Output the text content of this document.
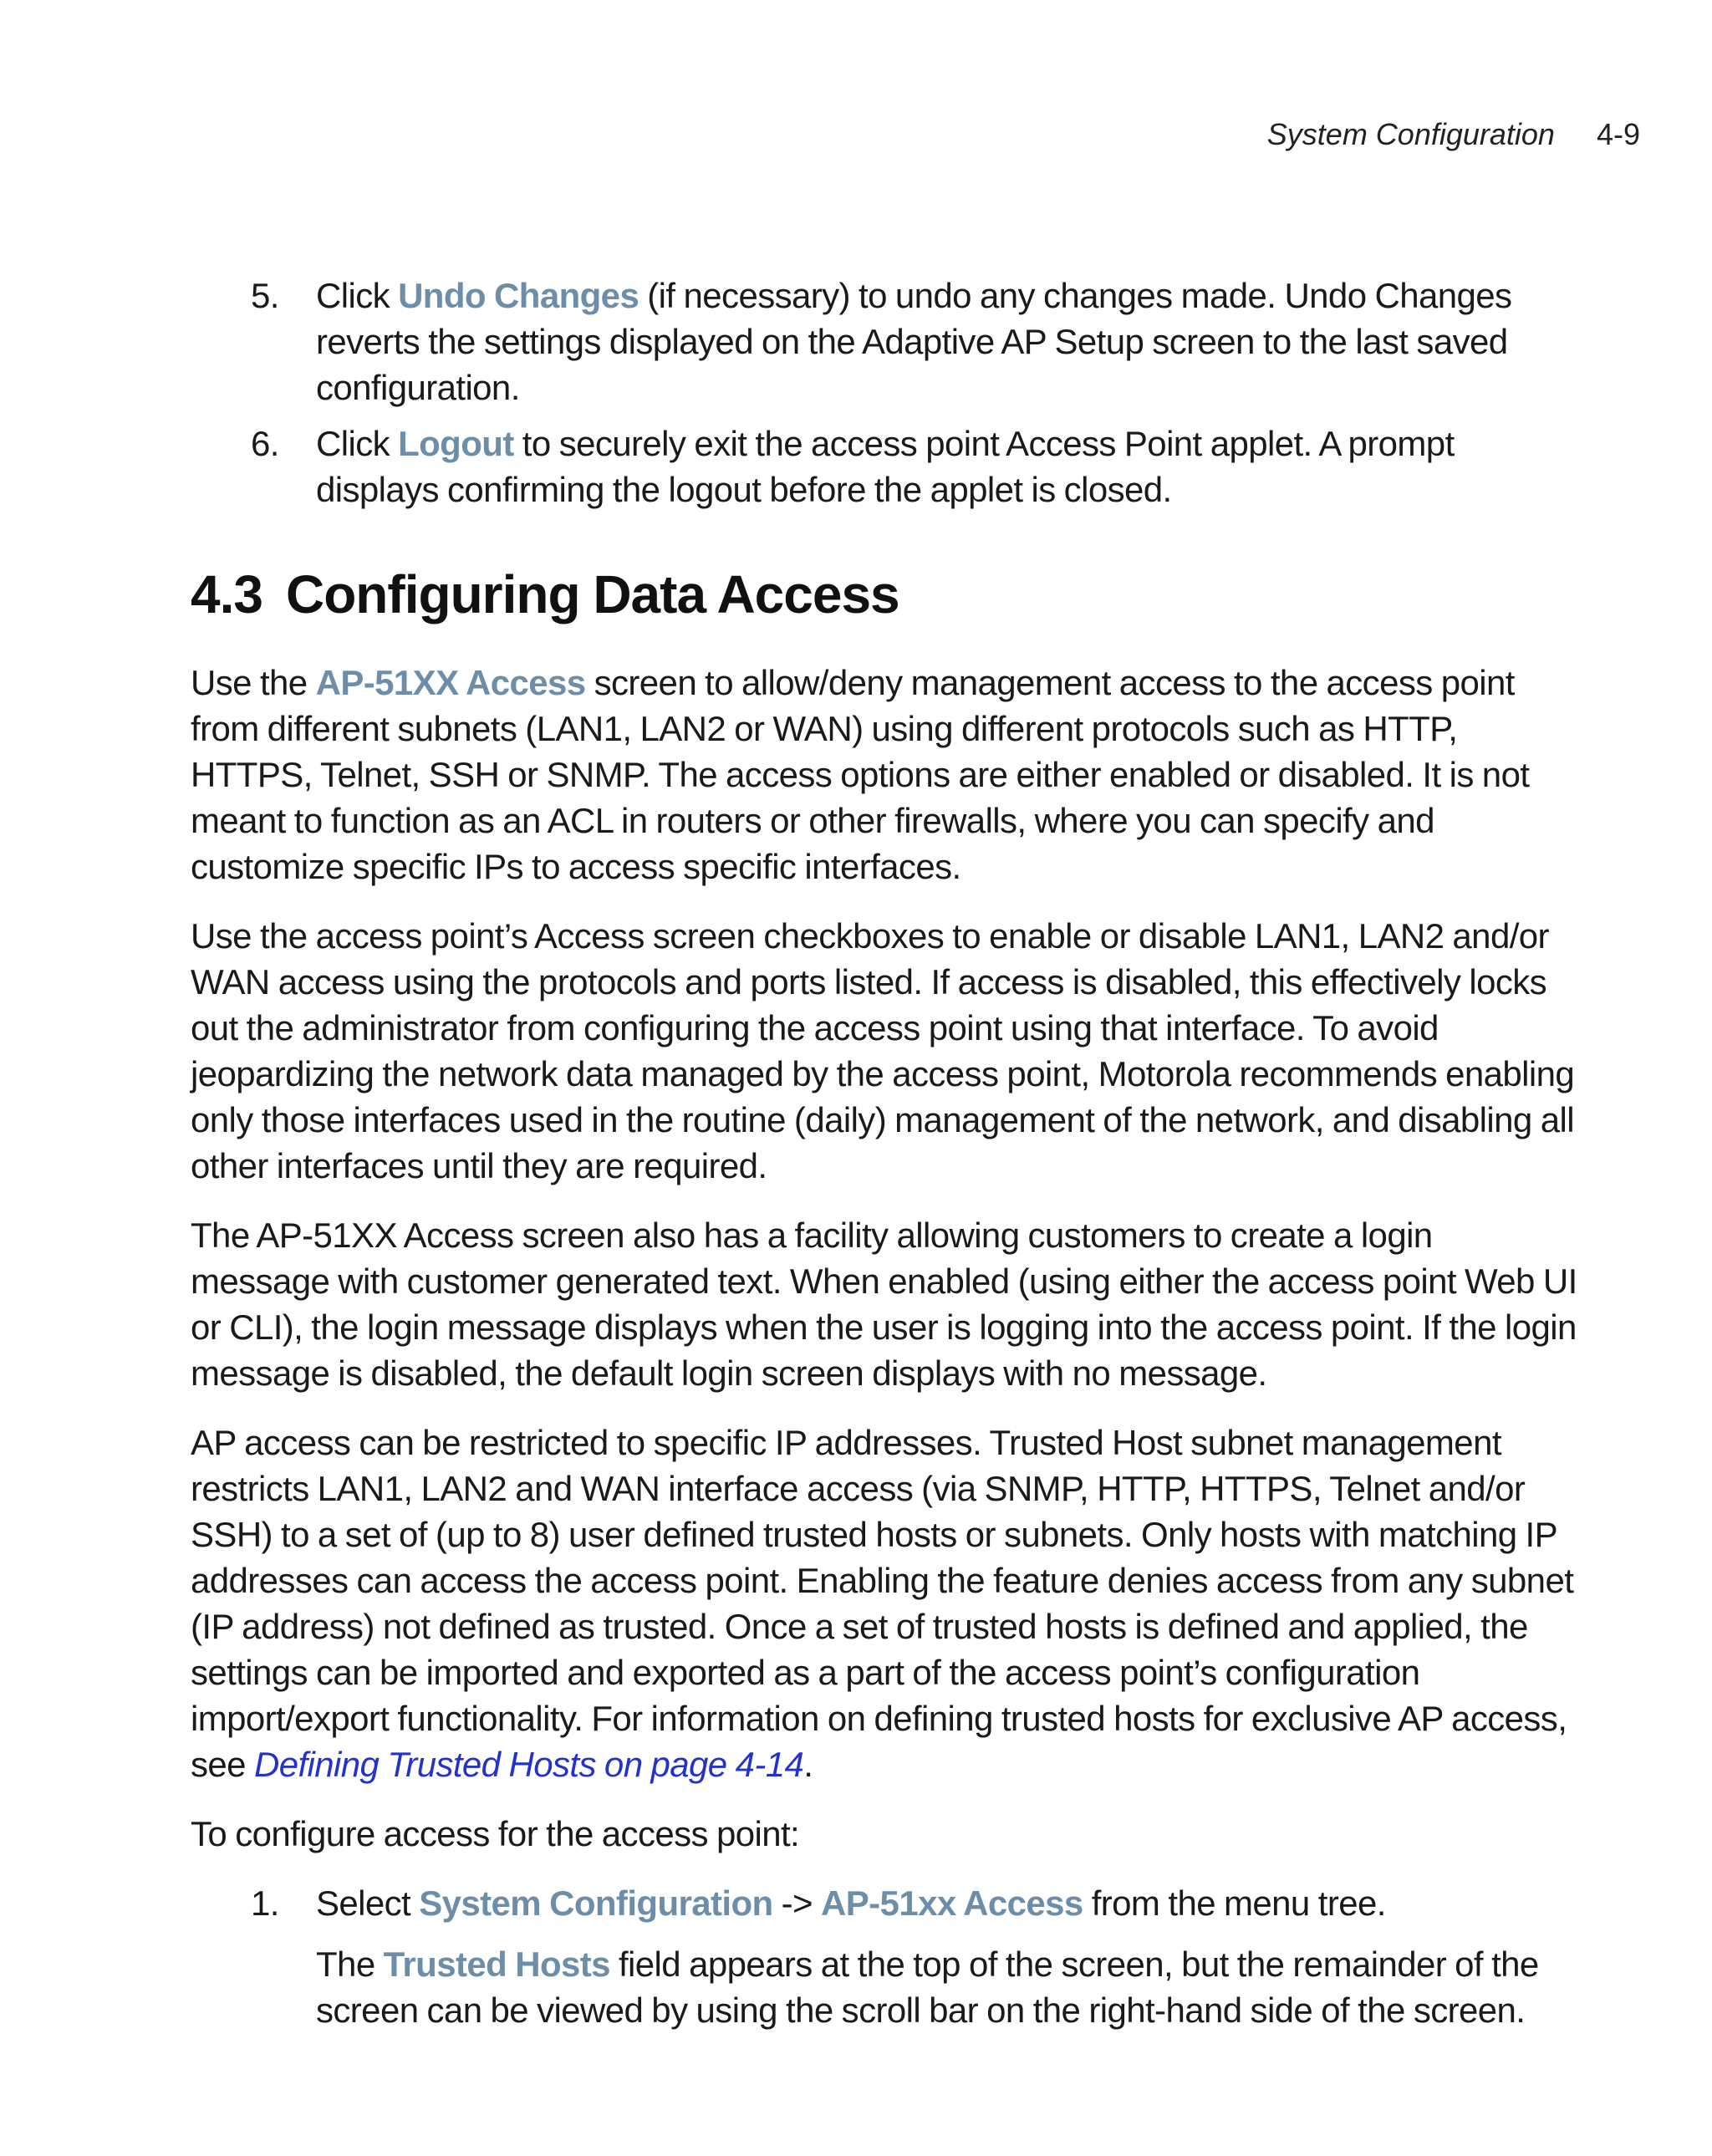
System Configuration 4-9
5. Click Undo Changes (if necessary) to undo any changes made. Undo Changes reverts the settings displayed on the Adaptive AP Setup screen to the last saved configuration.
6. Click Logout to securely exit the access point Access Point applet. A prompt displays confirming the logout before the applet is closed.
4.3 Configuring Data Access

Use the AP-51XX Access screen to allow/deny management access to the access point from different subnets (LAN1, LAN2 or WAN) using different protocols such as HTTP, HTTPS, Telnet, SSH or SNMP. The access options are either enabled or disabled. It is not meant to function as an ACL in routers or other firewalls, where you can specify and customize specific IPs to access specific interfaces.

Use the access point’s Access screen checkboxes to enable or disable LAN1, LAN2 and/or WAN access using the protocols and ports listed. If access is disabled, this effectively locks out the administrator from configuring the access point using that interface. To avoid jeopardizing the network data managed by the access point, Motorola recommends enabling only those interfaces used in the routine (daily) management of the network, and disabling all other interfaces until they are required.

The AP-51XX Access screen also has a facility allowing customers to create a login message with customer generated text. When enabled (using either the access point Web UI or CLI), the login message displays when the user is logging into the access point. If the login message is disabled, the default login screen displays with no message.

AP access can be restricted to specific IP addresses. Trusted Host subnet management restricts LAN1, LAN2 and WAN interface access (via SNMP, HTTP, HTTPS, Telnet and/or SSH) to a set of (up to 8) user defined trusted hosts or subnets. Only hosts with matching IP addresses can access the access point. Enabling the feature denies access from any subnet (IP address) not defined as trusted. Once a set of trusted hosts is defined and applied, the settings can be imported and exported as a part of the access point’s configuration import/export functionality. For information on defining trusted hosts for exclusive AP access, see Defining Trusted Hosts on page 4-14.

To configure access for the access point:

1. Select System Configuration -> AP-51xx Access from the menu tree.
The Trusted Hosts field appears at the top of the screen, but the remainder of the screen can be viewed by using the scroll bar on the right-hand side of the screen.
